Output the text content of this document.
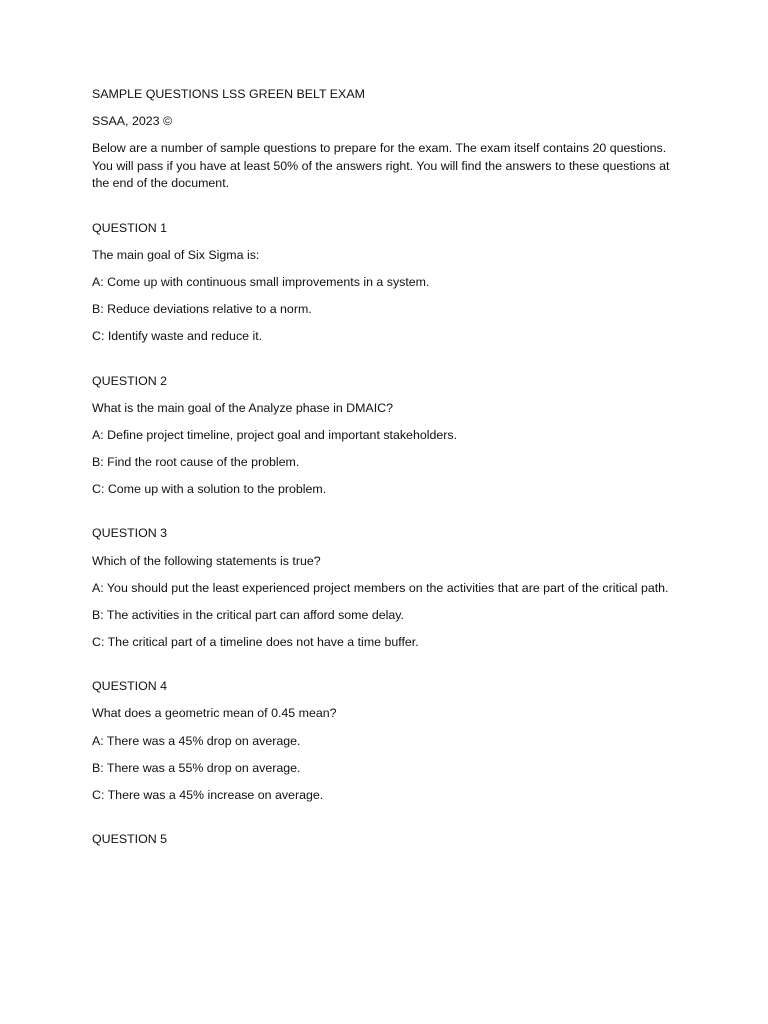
SAMPLE QUESTIONS LSS GREEN BELT EXAM
SSAA, 2023 ©
Below are a number of sample questions to prepare for the exam. The exam itself contains 20 questions. You will pass if you have at least 50% of the answers right. You will find the answers to these questions at the end of the document.
QUESTION 1
The main goal of Six Sigma is:
A: Come up with continuous small improvements in a system.
B: Reduce deviations relative to a norm.
C: Identify waste and reduce it.
QUESTION 2
What is the main goal of the Analyze phase in DMAIC?
A: Define project timeline, project goal and important stakeholders.
B: Find the root cause of the problem.
C: Come up with a solution to the problem.
QUESTION 3
Which of the following statements is true?
A: You should put the least experienced project members on the activities that are part of the critical path.
B: The activities in the critical part can afford some delay.
C: The critical part of a timeline does not have a time buffer.
QUESTION 4
What does a geometric mean of 0.45 mean?
A: There was a 45% drop on average.
B: There was a 55% drop on average.
C: There was a 45% increase on average.
QUESTION 5
